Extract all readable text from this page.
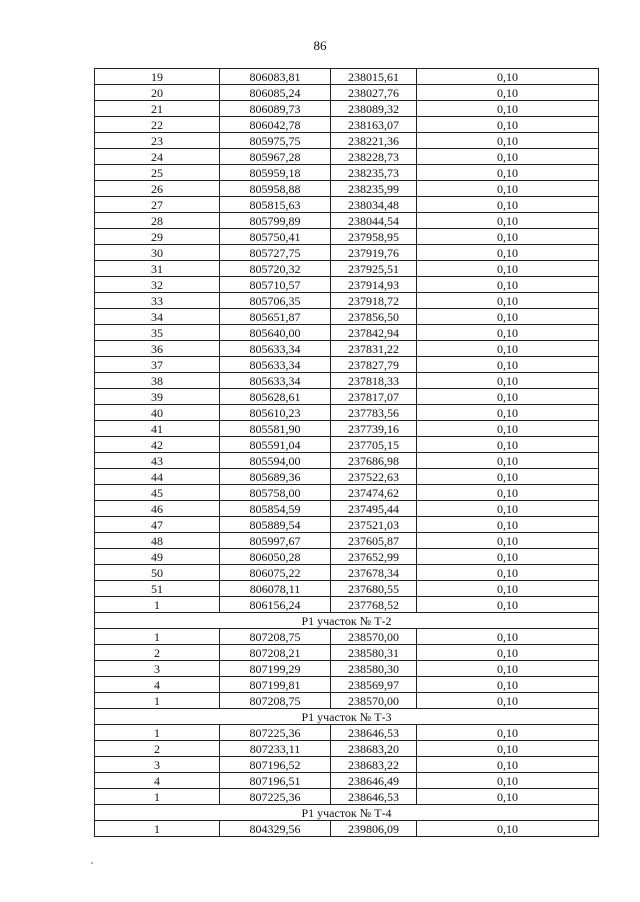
86
19	806083,81	238015,61	0,10
20	806085,24	238027,76	0,10
21	806089,73	238089,32	0,10
22	806042,78	238163,07	0,10
23	805975,75	238221,36	0,10
24	805967,28	238228,73	0,10
25	805959,18	238235,73	0,10
26	805958,88	238235,99	0,10
27	805815,63	238034,48	0,10
28	805799,89	238044,54	0,10
29	805750,41	237958,95	0,10
30	805727,75	237919,76	0,10
31	805720,32	237925,51	0,10
32	805710,57	237914,93	0,10
33	805706,35	237918,72	0,10
34	805651,87	237856,50	0,10
35	805640,00	237842,94	0,10
36	805633,34	237831,22	0,10
37	805633,34	237827,79	0,10
38	805633,34	237818,33	0,10
39	805628,61	237817,07	0,10
40	805610,23	237783,56	0,10
41	805581,90	237739,16	0,10
42	805591,04	237705,15	0,10
43	805594,00	237686,98	0,10
44	805689,36	237522,63	0,10
45	805758,00	237474,62	0,10
46	805854,59	237495,44	0,10
47	805889,54	237521,03	0,10
48	805997,67	237605,87	0,10
49	806050,28	237652,99	0,10
50	806075,22	237678,34	0,10
51	806078,11	237680,55	0,10
1	806156,24	237768,52	0,10
Р1 участок № Т-2			
1	807208,75	238570,00	0,10
2	807208,21	238580,31	0,10
3	807199,29	238580,30	0,10
4	807199,81	238569,97	0,10
1	807208,75	238570,00	0,10
Р1 участок № Т-3			
1	807225,36	238646,53	0,10
2	807233,11	238683,20	0,10
3	807196,52	238683,22	0,10
4	807196,51	238646,49	0,10
1	807225,36	238646,53	0,10
Р1 участок № Т-4			
1	804329,56	239806,09	0,10
